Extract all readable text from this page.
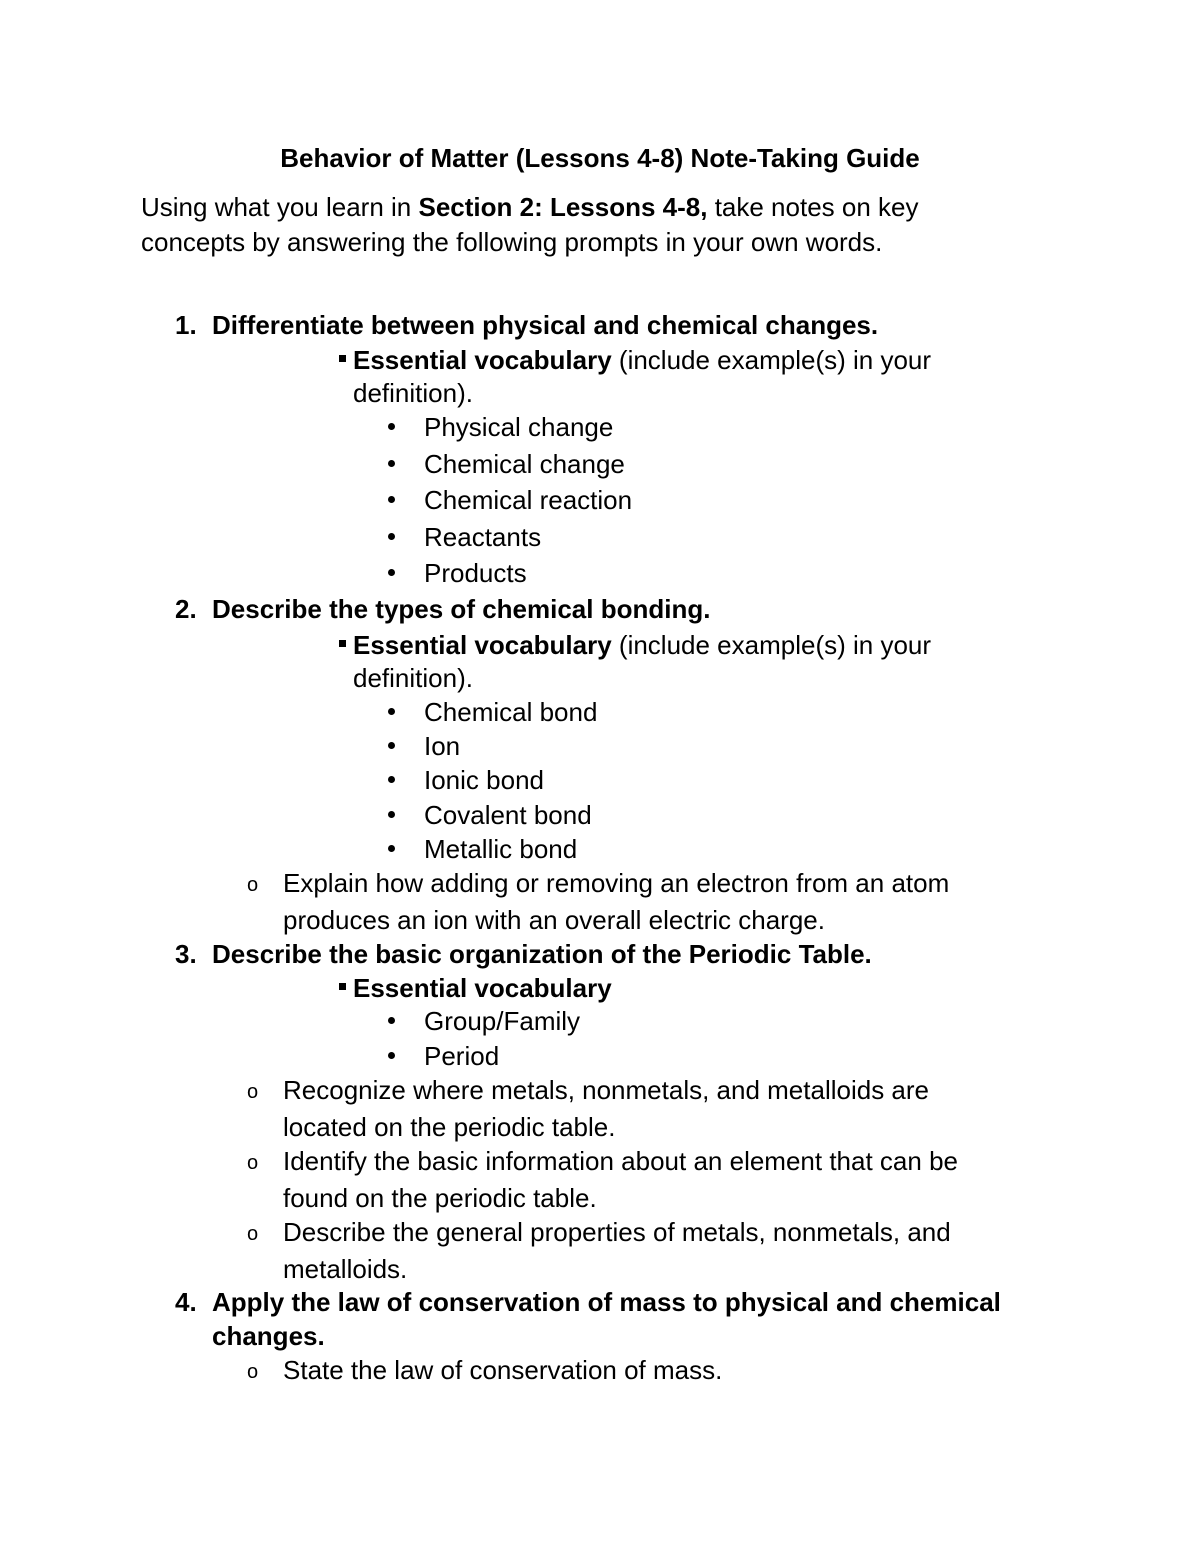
Behavior of Matter (Lessons 4-8) Note-Taking Guide
Using what you learn in Section 2: Lessons 4-8, take notes on key
concepts by answering the following prompts in your own words.
1. Differentiate between physical and chemical changes.
Essential vocabulary (include example(s) in your
definition).
Physical change
Chemical change
Chemical reaction
Reactants
Products
2. Describe the types of chemical bonding.
Essential vocabulary (include example(s) in your
definition).
Chemical bond
Ion
Ionic bond
Covalent bond
Metallic bond
o Explain how adding or removing an electron from an atom
produces an ion with an overall electric charge.
3. Describe the basic organization of the Periodic Table.
Essential vocabulary
Group/Family
Period
o Recognize where metals, nonmetals, and metalloids are
located on the periodic table.
o Identify the basic information about an element that can be
found on the periodic table.
o Describe the general properties of metals, nonmetals, and
metalloids.
4. Apply the law of conservation of mass to physical and chemical
changes.
o State the law of conservation of mass.
